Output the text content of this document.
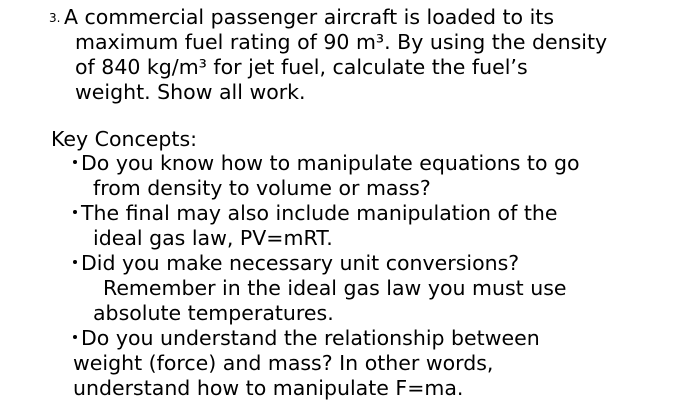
3. A commercial passenger aircraft is loaded to its
maximum fuel rating of 90 m³. By using the density
of 840 kg/m³ for jet fuel, calculate the fuel’s
weight. Show all work.
Key Concepts:
Do you know how to manipulate equations to go
from density to volume or mass?
The final may also include manipulation of the
ideal gas law, PV=mRT.
Did you make necessary unit conversions?
Remember in the ideal gas law you must use
absolute temperatures.
Do you understand the relationship between
weight (force) and mass? In other words,
understand how to manipulate F=ma.
